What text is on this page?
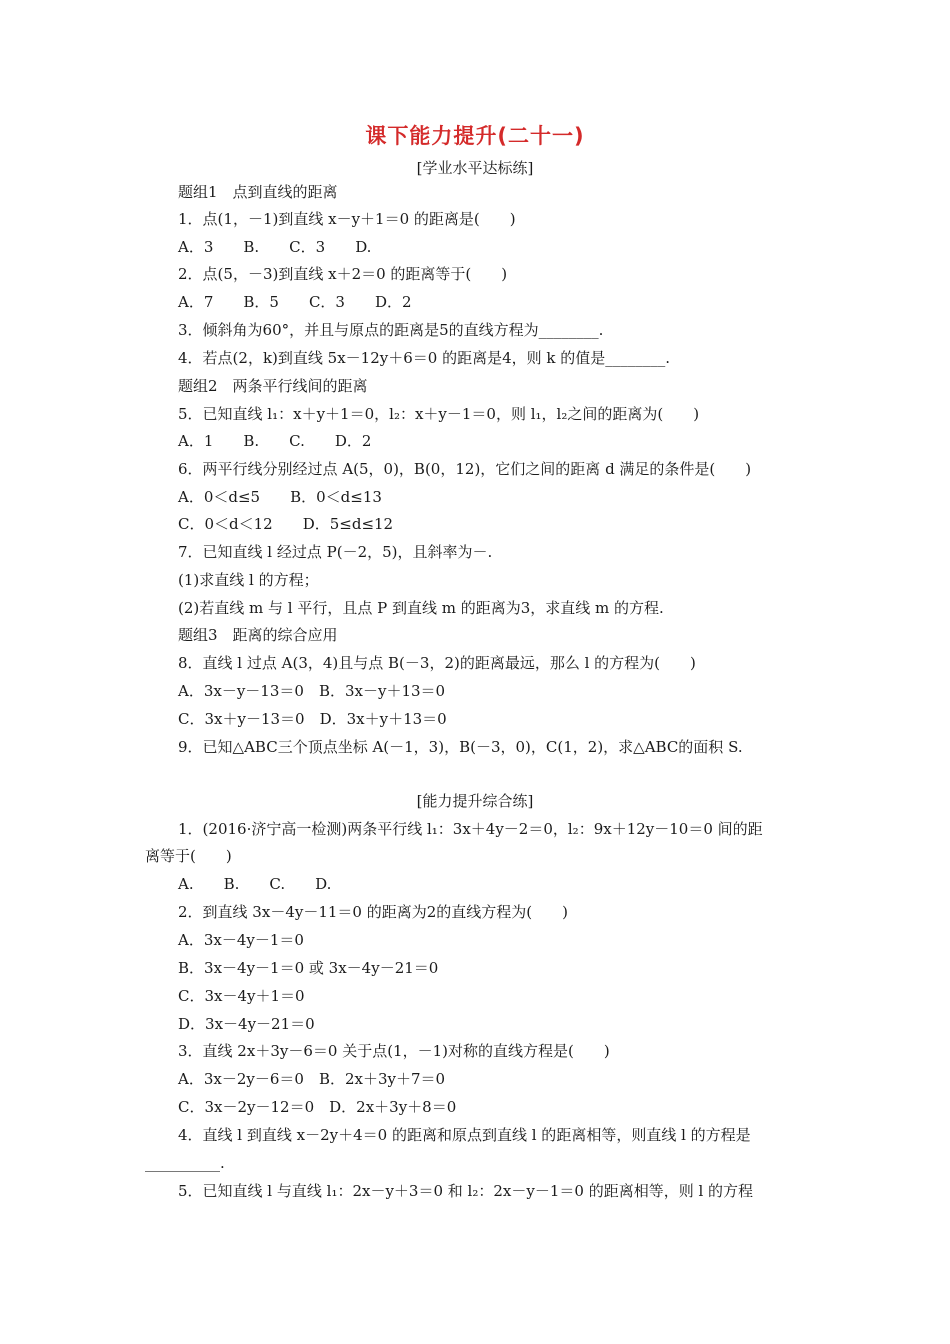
课下能力提升(二十一)
[学业水平达标练]
题组1　点到直线的距离
1．点(1，－1)到直线 x－y＋1＝0 的距离是(　　)
A．3　　B.　　C．3　　D.
2．点(5，－3)到直线 x＋2＝0 的距离等于(　　)
A．7　　B．5　　C．3　　D．2
3．倾斜角为60°，并且与原点的距离是5的直线方程为________.
4．若点(2，k)到直线 5x－12y＋6＝0 的距离是4，则 k 的值是________.
题组2　两条平行线间的距离
5．已知直线 l₁：x＋y＋1＝0，l₂：x＋y－1＝0，则 l₁，l₂之间的距离为(　　)
A．1　　B.　　C.　　D．2
6．两平行线分别经过点 A(5，0)，B(0，12)，它们之间的距离 d 满足的条件是(　　)
A．0＜d≤5　　B．0＜d≤13
C．0＜d＜12　　D．5≤d≤12
7．已知直线 l 经过点 P(－2，5)，且斜率为－.
(1)求直线 l 的方程；
(2)若直线 m 与 l 平行，且点 P 到直线 m 的距离为3，求直线 m 的方程.
题组3　距离的综合应用
8．直线 l 过点 A(3，4)且与点 B(－3，2)的距离最远，那么 l 的方程为(　　)
A．3x－y－13＝0　B．3x－y＋13＝0
C．3x＋y－13＝0　D．3x＋y＋13＝0
9．已知△ABC三个顶点坐标 A(－1，3)，B(－3，0)，C(1，2)，求△ABC的面积 S.
[能力提升综合练]
1．(2016·济宁高一检测)两条平行线 l₁：3x＋4y－2＝0，l₂：9x＋12y－10＝0 间的距
离等于(　　)
A.　　B.　　C.　　D.
2．到直线 3x－4y－11＝0 的距离为2的直线方程为(　　)
A．3x－4y－1＝0
B．3x－4y－1＝0 或 3x－4y－21＝0
C．3x－4y＋1＝0
D．3x－4y－21＝0
3．直线 2x＋3y－6＝0 关于点(1，－1)对称的直线方程是(　　)
A．3x－2y－6＝0　B．2x＋3y＋7＝0
C．3x－2y－12＝0　D．2x＋3y＋8＝0
4．直线 l 到直线 x－2y＋4＝0 的距离和原点到直线 l 的距离相等，则直线 l 的方程是
__________.
5．已知直线 l 与直线 l₁：2x－y＋3＝0 和 l₂：2x－y－1＝0 的距离相等，则 l 的方程
